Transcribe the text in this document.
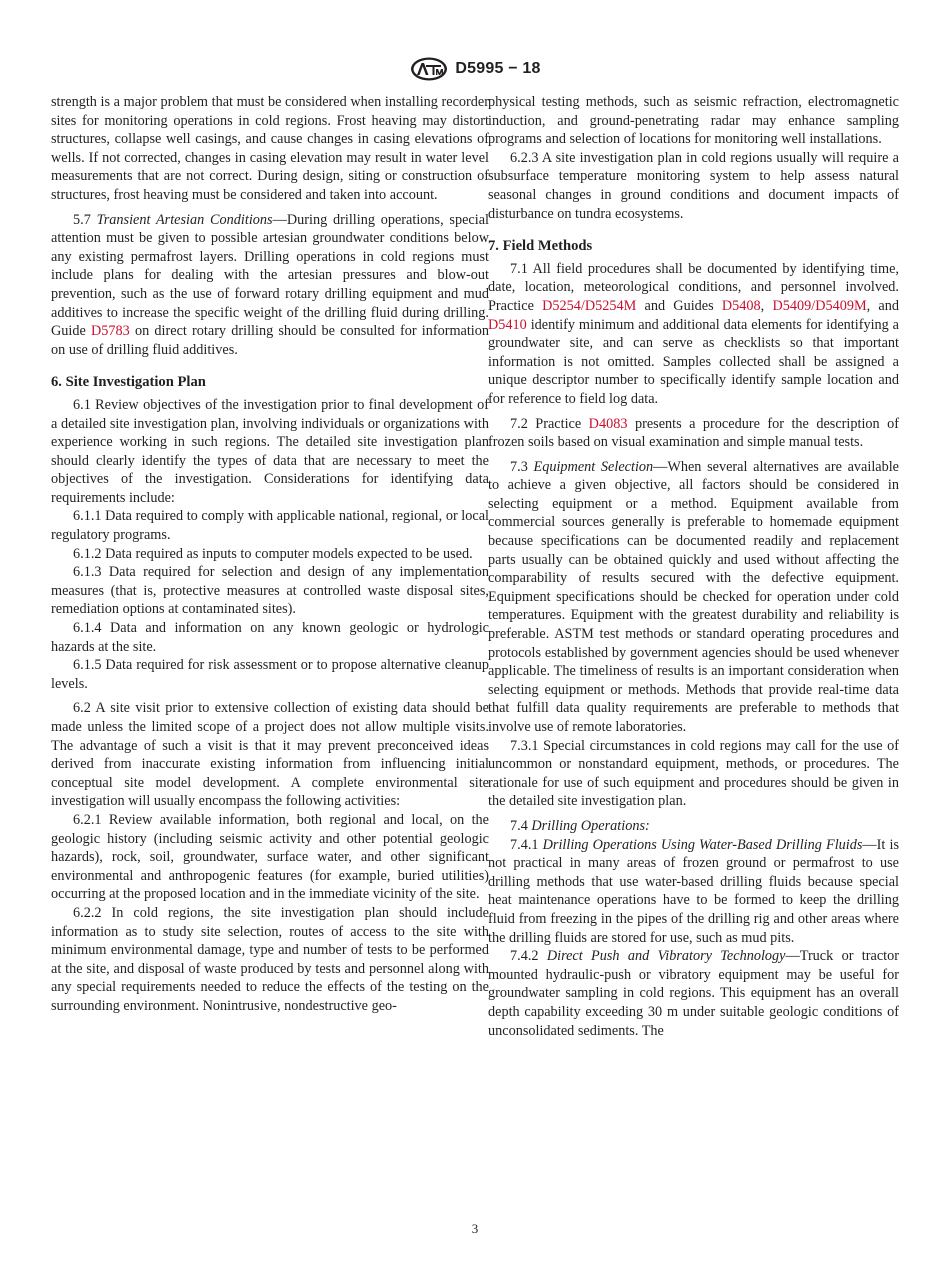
D5995 − 18

strength is a major problem that must be considered when installing recorder sites for monitoring operations in cold regions. Frost heaving may distort structures, collapse well casings, and cause changes in casing elevations of wells. If not corrected, changes in casing elevation may result in water level measurements that are not correct. During design, siting or construction of structures, frost heaving must be considered and taken into account.

5.7 Transient Artesian Conditions—During drilling operations, special attention must be given to possible artesian groundwater conditions below any existing permafrost layers. Drilling operations in cold regions must include plans for dealing with the artesian pressures and blow-out prevention, such as the use of forward rotary drilling equipment and mud additives to increase the specific weight of the drilling fluid during drilling. Guide D5783 on direct rotary drilling should be consulted for information on use of drilling fluid additives.

6. Site Investigation Plan

6.1 Review objectives of the investigation prior to final development of a detailed site investigation plan, involving individuals or organizations with experience working in such regions. The detailed site investigation plan should clearly identify the types of data that are necessary to meet the objectives of the investigation. Considerations for identifying data requirements include:

6.1.1 Data required to comply with applicable national, regional, or local regulatory programs.

6.1.2 Data required as inputs to computer models expected to be used.

6.1.3 Data required for selection and design of any implementation measures (that is, protective measures at controlled waste disposal sites, remediation options at contaminated sites).

6.1.4 Data and information on any known geologic or hydrologic hazards at the site.

6.1.5 Data required for risk assessment or to propose alternative cleanup levels.

6.2 A site visit prior to extensive collection of existing data should be made unless the limited scope of a project does not allow multiple visits. The advantage of such a visit is that it may prevent preconceived ideas derived from inaccurate existing information from influencing initial conceptual site model development. A complete environmental site investigation will usually encompass the following activities:

6.2.1 Review available information, both regional and local, on the geologic history (including seismic activity and other potential geologic hazards), rock, soil, groundwater, surface water, and other significant environmental and anthropogenic features (for example, buried utilities) occurring at the proposed location and in the immediate vicinity of the site.

6.2.2 In cold regions, the site investigation plan should include information as to study site selection, routes of access to the site with minimum environmental damage, type and number of tests to be performed at the site, and disposal of waste produced by tests and personnel along with any special requirements needed to reduce the effects of the testing on the surrounding environment. Nonintrusive, nondestructive geo-

physical testing methods, such as seismic refraction, electromagnetic induction, and ground-penetrating radar may enhance sampling programs and selection of locations for monitoring well installations.

6.2.3 A site investigation plan in cold regions usually will require a subsurface temperature monitoring system to help assess natural seasonal changes in ground conditions and document impacts of disturbance on tundra ecosystems.

7. Field Methods

7.1 All field procedures shall be documented by identifying time, date, location, meteorological conditions, and personnel involved. Practice D5254/D5254M and Guides D5408, D5409/D5409M, and D5410 identify minimum and additional data elements for identifying a groundwater site, and can serve as checklists so that important information is not omitted. Samples collected shall be assigned a unique descriptor number to specifically identify sample location and for reference to field log data.

7.2 Practice D4083 presents a procedure for the description of frozen soils based on visual examination and simple manual tests.

7.3 Equipment Selection—When several alternatives are available to achieve a given objective, all factors should be considered in selecting equipment or a method. Equipment available from commercial sources generally is preferable to homemade equipment because specifications can be documented readily and replacement parts usually can be obtained quickly and used without affecting the comparability of results secured with the defective equipment. Equipment specifications should be checked for operation under cold temperatures. Equipment with the greatest durability and reliability is preferable. ASTM test methods or standard operating procedures and protocols established by government agencies should be used whenever applicable. The timeliness of results is an important consideration when selecting equipment or methods. Methods that provide real-time data that fulfill data quality requirements are preferable to methods that involve use of remote laboratories.

7.3.1 Special circumstances in cold regions may call for the use of uncommon or nonstandard equipment, methods, or procedures. The rationale for use of such equipment and procedures should be given in the detailed site investigation plan.

7.4 Drilling Operations:

7.4.1 Drilling Operations Using Water-Based Drilling Fluids—It is not practical in many areas of frozen ground or permafrost to use drilling methods that use water-based drilling fluids because special heat maintenance operations have to be formed to keep the drilling fluid from freezing in the pipes of the drilling rig and other areas where the drilling fluids are stored for use, such as mud pits.

7.4.2 Direct Push and Vibratory Technology—Truck or tractor mounted hydraulic-push or vibratory equipment may be useful for groundwater sampling in cold regions. This equipment has an overall depth capability exceeding 30 m under suitable geologic conditions of unconsolidated sediments. The

3
